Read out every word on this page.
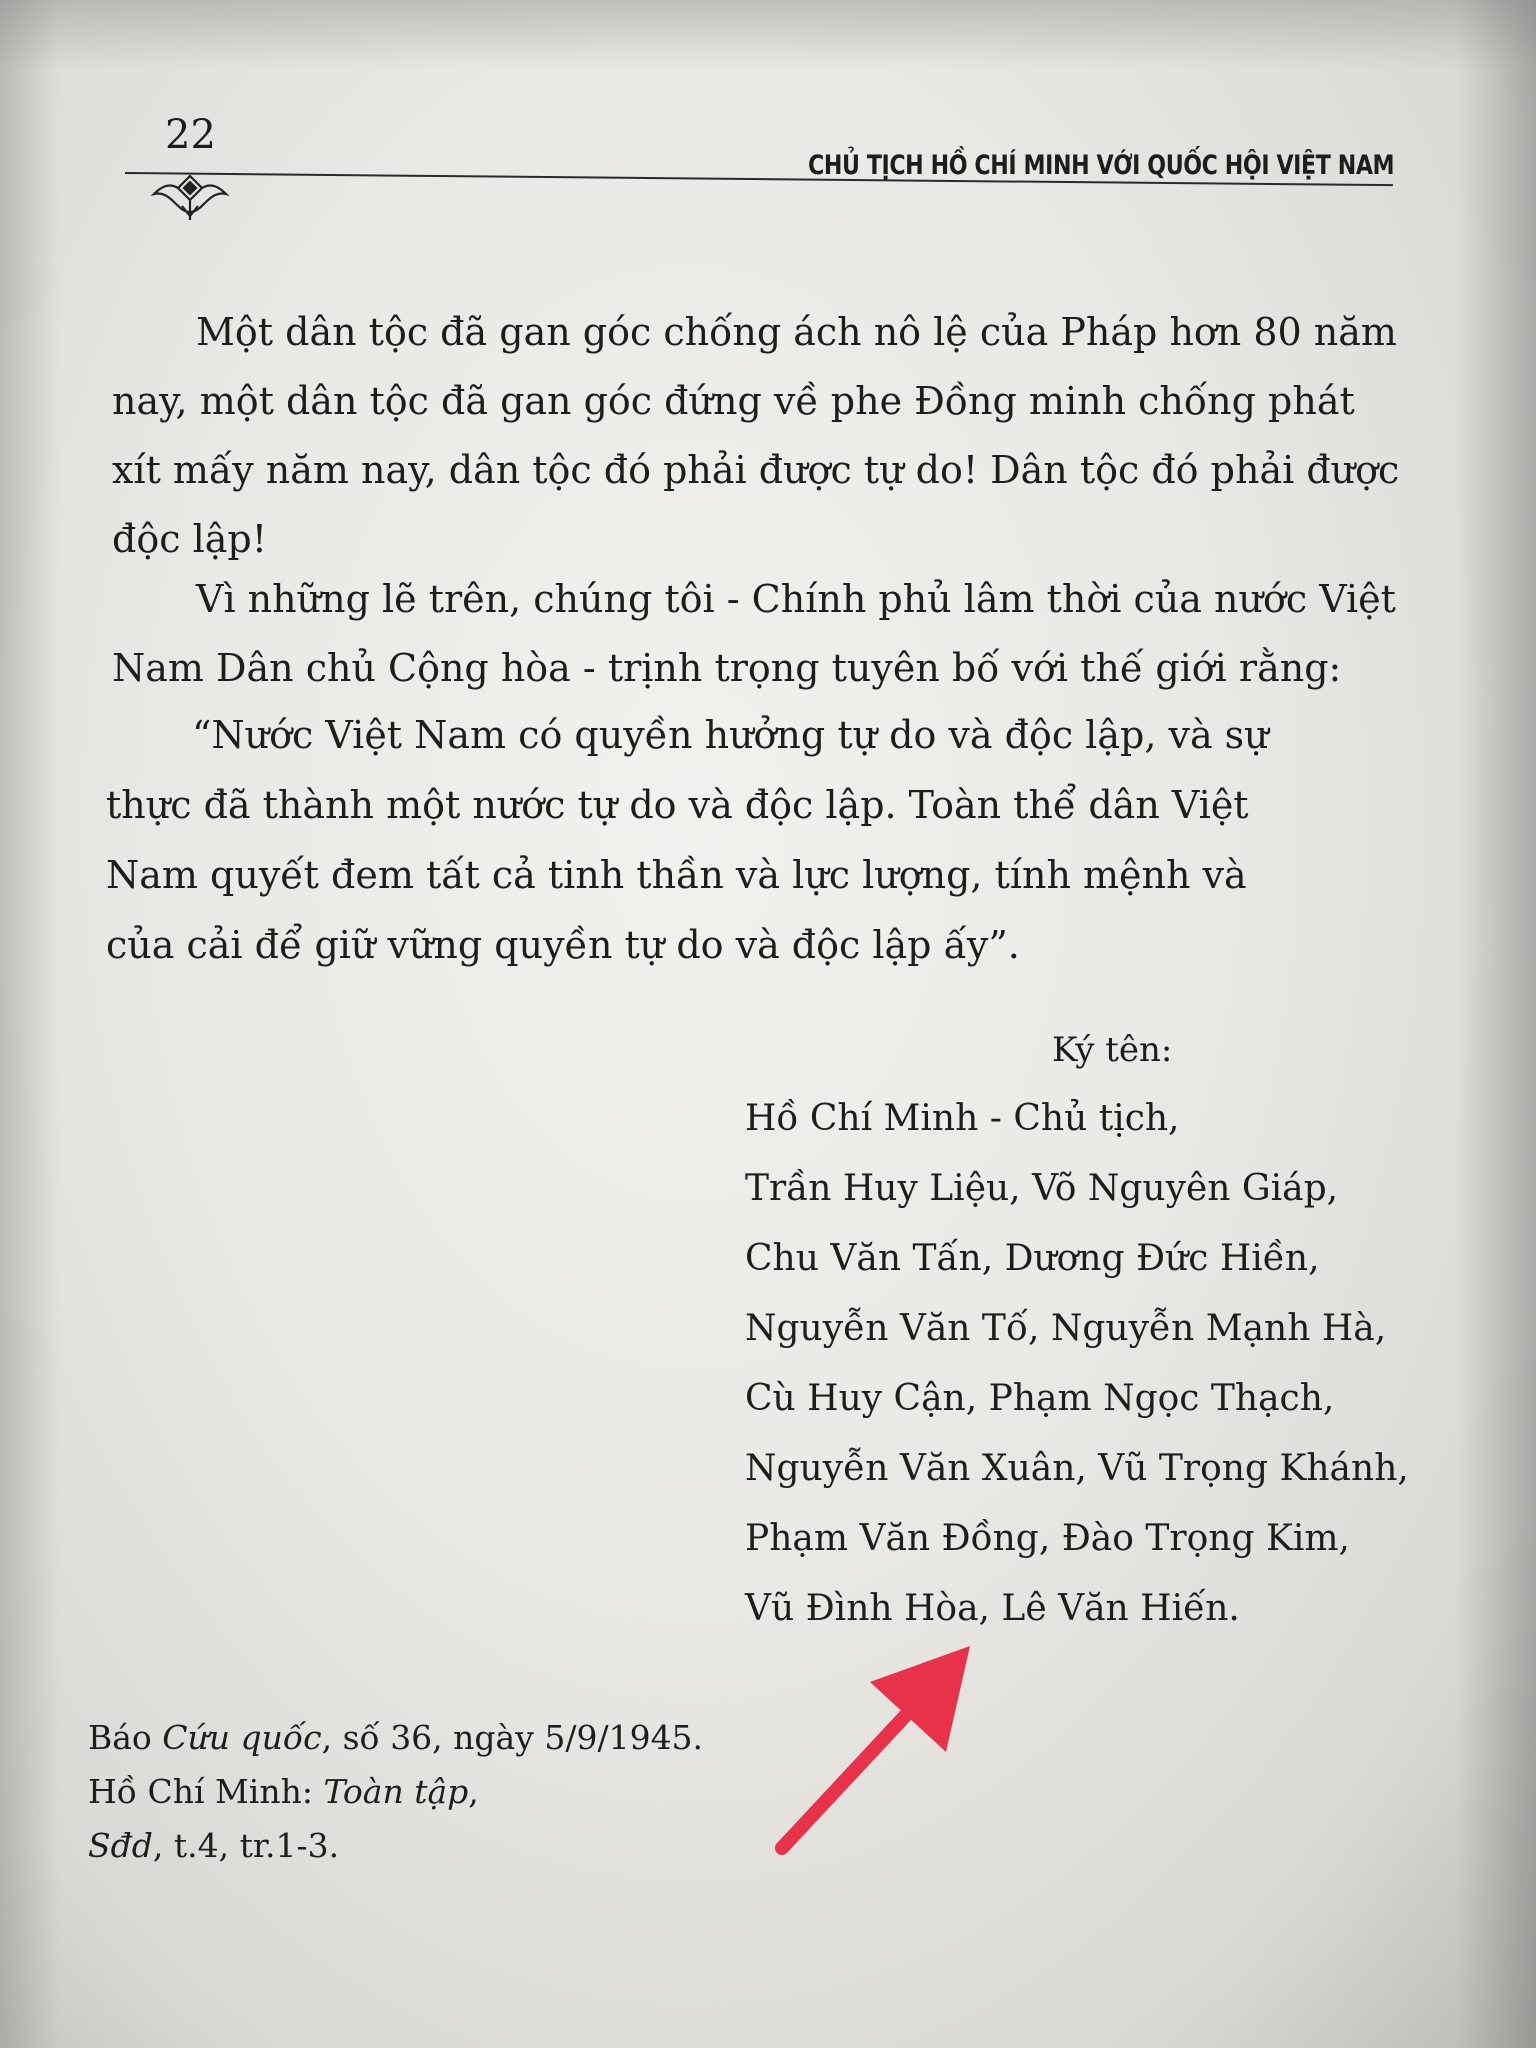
22
CHỦ TỊCH HỒ CHÍ MINH VỚI QUỐC HỘI VIỆT NAM
Một dân tộc đã gan góc chống ách nô lệ của Pháp hơn 80 năm
nay, một dân tộc đã gan góc đứng về phe Đồng minh chống phát
xít mấy năm nay, dân tộc đó phải được tự do! Dân tộc đó phải được
độc lập!
Vì những lẽ trên, chúng tôi - Chính phủ lâm thời của nước Việt
Nam Dân chủ Cộng hòa - trịnh trọng tuyên bố với thế giới rằng:
“Nước Việt Nam có quyền hưởng tự do và độc lập, và sự
thực đã thành một nước tự do và độc lập. Toàn thể dân Việt
Nam quyết đem tất cả tinh thần và lực lượng, tính mệnh và
của cải để giữ vững quyền tự do và độc lập ấy”.
Ký tên:
Hồ Chí Minh - Chủ tịch,
Trần Huy Liệu, Võ Nguyên Giáp,
Chu Văn Tấn, Dương Đức Hiền,
Nguyễn Văn Tố, Nguyễn Mạnh Hà,
Cù Huy Cận, Phạm Ngọc Thạch,
Nguyễn Văn Xuân, Vũ Trọng Khánh,
Phạm Văn Đồng, Đào Trọng Kim,
Vũ Đình Hòa, Lê Văn Hiến.
Báo Cứu quốc, số 36, ngày 5/9/1945.
Hồ Chí Minh: Toàn tập,
Sđd, t.4, tr.1-3.
